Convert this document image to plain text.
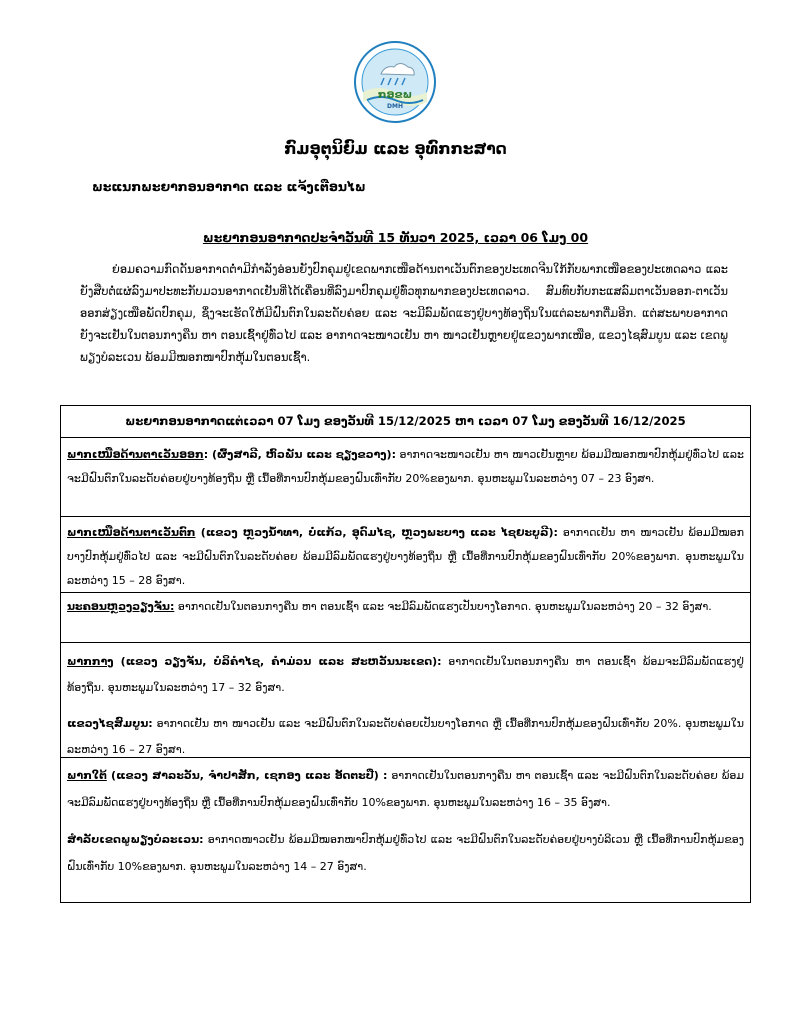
ກອຂພ
DMH
ກົມອຸຕຸນິຍົມ ແລະ ອຸທົກກະສາດ
ພະແນກພະຍາກອນອາກາດ ແລະ ແຈ້ງເຕືອນໄພ
ພະຍາກອນອາກາດປະຈໍາວັນທີ 15 ທັນວາ 2025, ເວລາ 06 ໂມງ 00
ຍ່ອມຄວາມກົດດັນອາກາດຕໍ່າມີກໍາລັງອ່ອນຍັງປົກຄຸມຢູ່ເຂດພາກເໜືອດ້ານຕາເວັນຕົກຂອງປະເທດຈີນໃກ້ກັບພາກເໜືອຂອງປະເທດລາວ ແລະ ຍັງສືບຕໍ່ແຜ່ລົງມາປະທະກັບມວນອາກາດເຢັນທີ່ໄດ້ເຄື່ອນທີ່ລົງມາປົກຄຸມຢູ່ທົ່ວທຸກພາກຂອງປະເທດລາວ. ສົມທົບກັບກະແສລົມຕາເວັນອອກ-ຕາເວັນອອກສ່ຽງເໜືອພັດປົກຄຸມ, ຊຶ່ງຈະເຮັດໃຫ້ມີຝົນຕົກໃນລະດັບຄ່ອຍ ແລະ ຈະມີລົມພັດແຮງຢູ່ບາງທ້ອງຖິ່ນໃນແຕ່ລະພາກຕື່ມອີກ. ແຕ່ສະພາບອາກາດຍັງຈະເຢັນໃນຕອນກາງຄືນ ຫາ ຕອນເຊົ້າຢູ່ທົ່ວໄປ ແລະ ອາກາດຈະໜາວເຢັນ ຫາ ໜາວເຢັນຫຼາຍຢູ່ແຂວງພາກເໜືອ, ແຂວງໄຊສົມບູນ ແລະ ເຂດພູພຽງບໍລະເວນ ພ້ອມມີໝອກໜາປົກຫຸ້ມໃນຕອນເຊົ້າ.
ພະຍາກອນອາກາດແຕ່ເວລາ 07 ໂມງ ຂອງວັນທີ 15/12/2025 ຫາ ເວລາ 07 ໂມງ ຂອງວັນທີ 16/12/2025
ພາກເໜືອດ້ານຕາເວັນອອກ: (ຜົ້ງສາລີ, ຫົວພັນ ແລະ ຊຽງຂວາງ): ອາກາດຈະໜາວເຢັນ ຫາ ໜາວເຢັນຫຼາຍ ພ້ອມມີໝອກໜາປົກຫຸ້ມຢູ່ທົ່ວໄປ ແລະ ຈະມີຝົນຕົກໃນລະດັບຄ່ອຍຢູ່ບາງທ້ອງຖິ່ນ ຫຼື ເນື້ອທີ່ການປົກຫຸ້ມຂອງຝົນເທົ່າກັບ 20%ຂອງພາກ. ອຸນຫະພູມໃນລະຫວ່າງ 07 – 23 ອົງສາ.
ພາກເໜືອດ້ານຕາເວັນຕົກ (ແຂວງ ຫຼວງນໍ້າທາ, ບໍ່ແກ້ວ, ອຸດົມໄຊ, ຫຼວງພະບາງ ແລະ ໄຊຍະບູລີ): ອາກາດເຢັນ ຫາ ໜາວເຢັນ ພ້ອມມີໝອກບາງປົກຫຸ້ມຢູ່ທົ່ວໄປ ແລະ ຈະມີຝົນຕົກໃນລະດັບຄ່ອຍ ພ້ອມມີລົມພັດແຮງຢູ່ບາງທ້ອງຖິ່ນ ຫຼື ເນື້ອທີ່ການປົກຫຸ້ມຂອງຝົນເທົ່າກັບ 20%ຂອງພາກ. ອຸນຫະພູມໃນລະຫວ່າງ 15 – 28 ອົງສາ.
ນະຄອນຫຼວງວຽງຈັນ: ອາກາດເຢັນໃນຕອນກາງຄືນ ຫາ ຕອນເຊົ້າ ແລະ ຈະມີລົມພັດແຮງເປັນບາງໂອກາດ. ອຸນຫະພູມໃນລະຫວ່າງ 20 – 32 ອົງສາ.

ພາກກາງ (ແຂວງ ວຽງຈັນ, ບໍລິຄໍາໄຊ, ຄໍາມ່ວນ ແລະ ສະຫວັນນະເຂດ): ອາກາດເຢັນໃນຕອນກາງຄືນ ຫາ ຕອນເຊົ້າ ພ້ອມຈະມີລົມພັດແຮງຢູ່ທ້ອງຖິ່ນ. ອຸນຫະພູມໃນລະຫວ່າງ 17 – 32 ອົງສາ.

ແຂວງໄຊສົມບູນ: ອາກາດເຢັນ ຫາ ໜາວເຢັນ ແລະ ຈະມີຝົນຕົກໃນລະດັບຄ່ອຍເປັນບາງໂອກາດ ຫຼື ເນື້ອທີ່ການປົກຫຸ້ມຂອງຝົນເທົ່າກັບ 20%. ອຸນຫະພູມໃນລະຫວ່າງ 16 – 27 ອົງສາ.

ພາກໃຕ້ (ແຂວງ ສາລະວັນ, ຈໍາປາສັກ, ເຊກອງ ແລະ ອັດຕະປື) : ອາກາດເຢັນໃນຕອນກາງຄືນ ຫາ ຕອນເຊົ້າ ແລະ ຈະມີຝົນຕົກໃນລະດັບຄ່ອຍ ພ້ອມຈະມີລົມພັດແຮງຢູ່ບາງທ້ອງຖິ່ນ ຫຼື ເນື້ອທີ່ການປົກຫຸ້ມຂອງຝົນເທົ່າກັບ 10%ຂອງພາກ. ອຸນຫະພູມໃນລະຫວ່າງ 16 – 35 ອົງສາ.

ສໍາລັບເຂດພູພຽງບໍລະເວນ: ອາກາດໜາວເຢັນ ພ້ອມມີໝອກໜາປົກຫຸ້ມຢູ່ທົ່ວໄປ ແລະ ຈະມີຝົນຕົກໃນລະດັບຄ່ອຍຢູ່ບາງບໍລິເວນ ຫຼື ເນື້ອທີ່ການປົກຫຸ້ມຂອງຝົນເທົ່າກັບ 10%ຂອງພາກ. ອຸນຫະພູມໃນລະຫວ່າງ 14 – 27 ອົງສາ.
